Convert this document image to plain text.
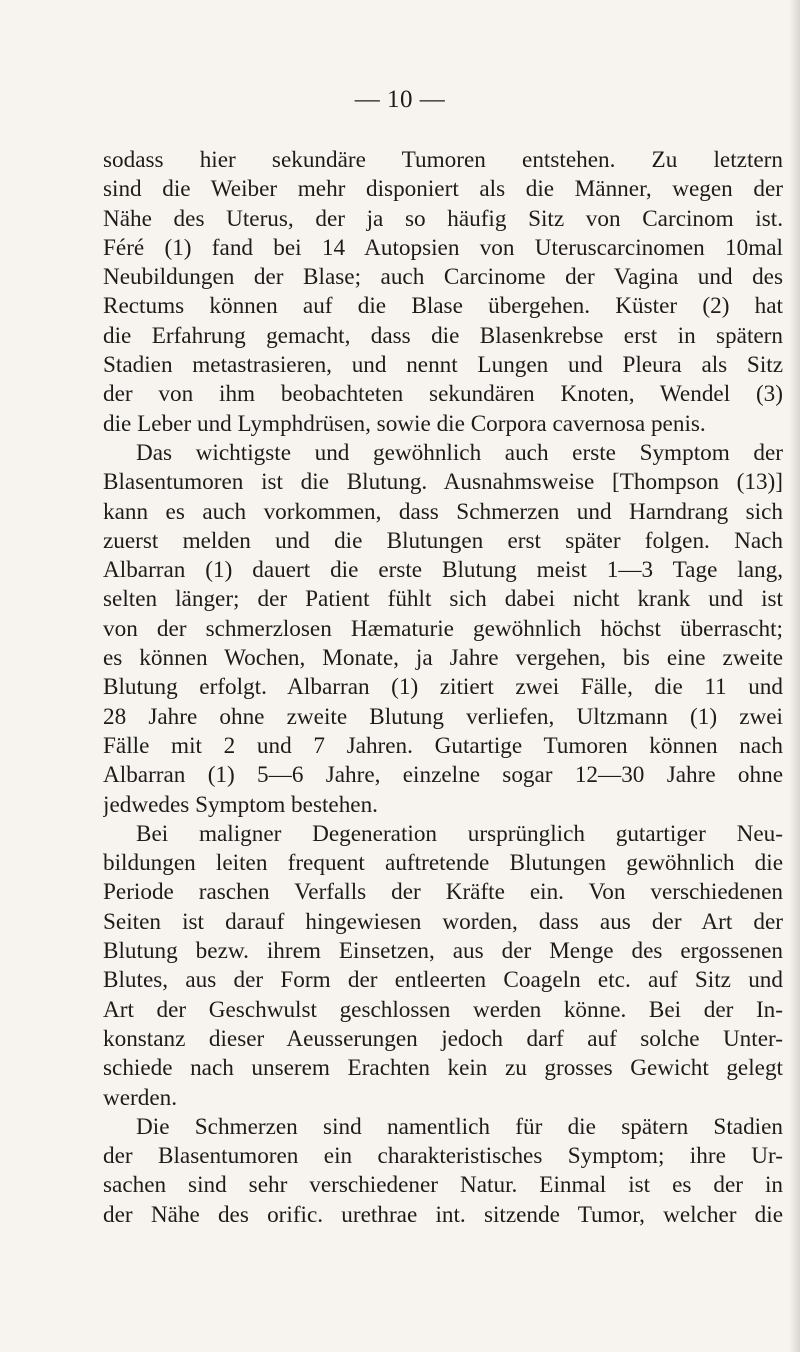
— 10 —
sodass hier sekundäre Tumoren entstehen. Zu letztern
sind die Weiber mehr disponiert als die Männer, wegen der
Nähe des Uterus, der ja so häufig Sitz von Carcinom ist.
Féré (1) fand bei 14 Autopsien von Uteruscarcinomen 10mal
Neubildungen der Blase; auch Carcinome der Vagina und des
Rectums können auf die Blase übergehen. Küster (2) hat
die Erfahrung gemacht, dass die Blasenkrebse erst in spätern
Stadien metastrasieren, und nennt Lungen und Pleura als Sitz
der von ihm beobachteten sekundären Knoten, Wendel (3)
die Leber und Lymphdrüsen, sowie die Corpora cavernosa penis.
Das wichtigste und gewöhnlich auch erste Symptom der
Blasentumoren ist die Blutung. Ausnahmsweise [Thompson (13)]
kann es auch vorkommen, dass Schmerzen und Harndrang sich
zuerst melden und die Blutungen erst später folgen. Nach
Albarran (1) dauert die erste Blutung meist 1—3 Tage lang,
selten länger; der Patient fühlt sich dabei nicht krank und ist
von der schmerzlosen Hæmaturie gewöhnlich höchst überrascht;
es können Wochen, Monate, ja Jahre vergehen, bis eine zweite
Blutung erfolgt. Albarran (1) zitiert zwei Fälle, die 11 und
28 Jahre ohne zweite Blutung verliefen, Ultzmann (1) zwei
Fälle mit 2 und 7 Jahren. Gutartige Tumoren können nach
Albarran (1) 5—6 Jahre, einzelne sogar 12—30 Jahre ohne
jedwedes Symptom bestehen.
Bei maligner Degeneration ursprünglich gutartiger Neu-
bildungen leiten frequent auftretende Blutungen gewöhnlich die
Periode raschen Verfalls der Kräfte ein. Von verschiedenen
Seiten ist darauf hingewiesen worden, dass aus der Art der
Blutung bezw. ihrem Einsetzen, aus der Menge des ergossenen
Blutes, aus der Form der entleerten Coageln etc. auf Sitz und
Art der Geschwulst geschlossen werden könne. Bei der In-
konstanz dieser Aeusserungen jedoch darf auf solche Unter-
schiede nach unserem Erachten kein zu grosses Gewicht gelegt
werden.
Die Schmerzen sind namentlich für die spätern Stadien
der Blasentumoren ein charakteristisches Symptom; ihre Ur-
sachen sind sehr verschiedener Natur. Einmal ist es der in
der Nähe des orific. urethrae int. sitzende Tumor, welcher die
